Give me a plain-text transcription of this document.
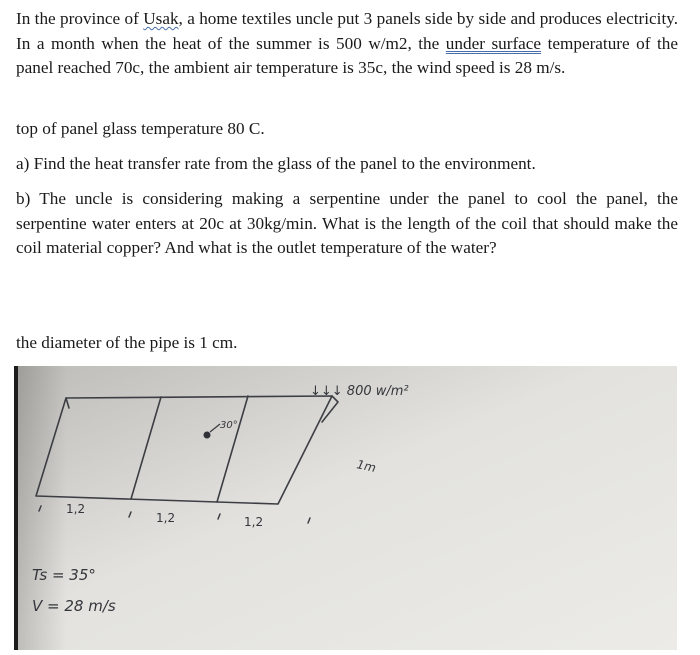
In the province of Usak, a home textiles uncle put 3 panels side by side and produces electricity. In a month when the heat of the summer is 500 w/m2, the under surface temperature of the panel reached 70c, the ambient air temperature is 35c, the wind speed is 28 m/s.
top of panel glass temperature 80 C.
a) Find the heat transfer rate from the glass of the panel to the environment.
b) The uncle is considering making a serpentine under the panel to cool the panel, the serpentine water enters at 20c at 30kg/min. What is the length of the coil that should make the coil material copper? And what is the outlet temperature of the water?
the diameter of the pipe is 1 cm.
↓↓↓ 800 w/m²
1m
30°
1,2
1,2	1,2
Ts = 35°
V = 28 m/s
